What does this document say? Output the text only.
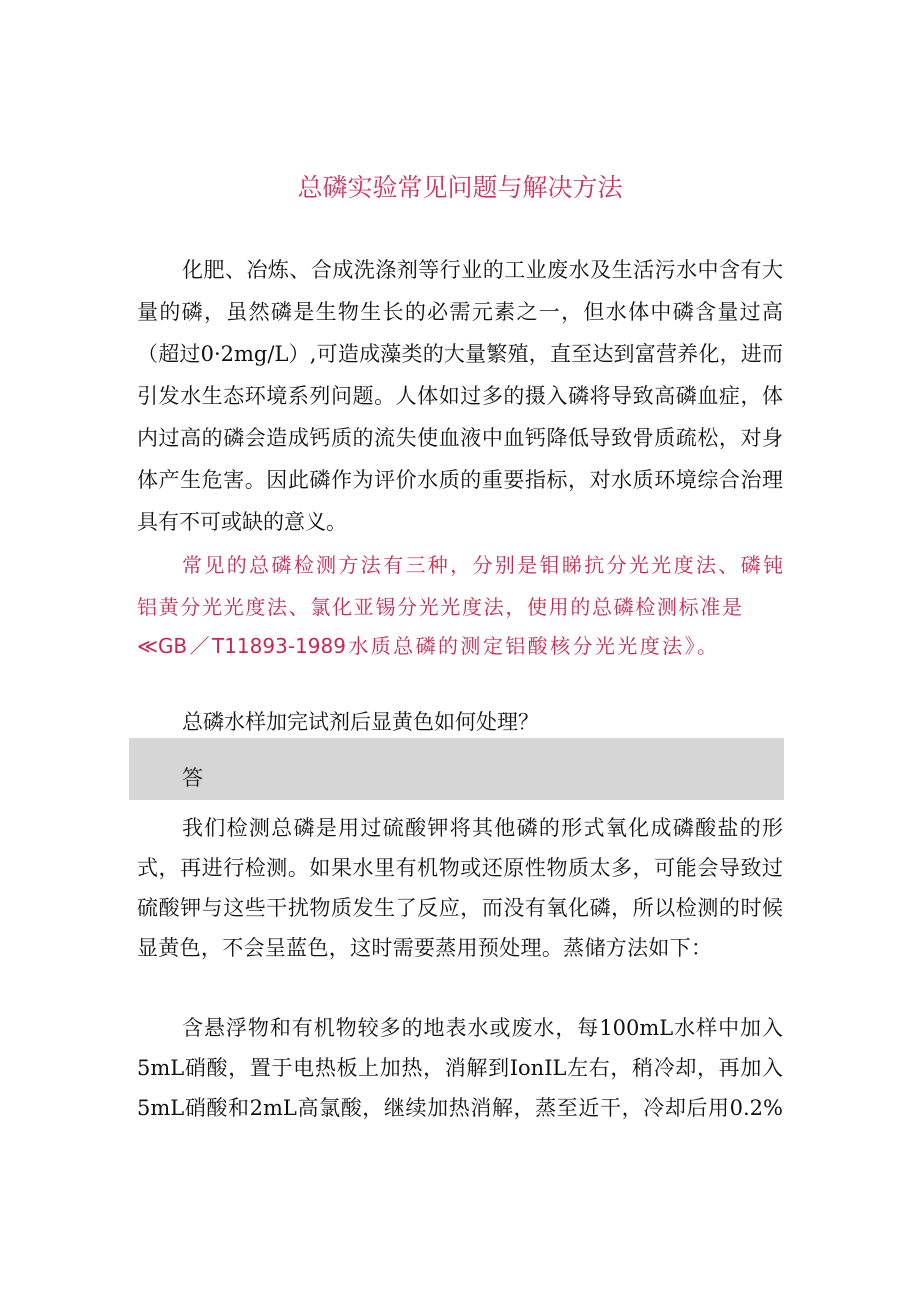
总磷实验常见问题与解决方法
化肥、冶炼、合成洗涤剂等行业的工业废水及生活污水中含有大
量的磷，虽然磷是生物生长的必需元素之一，但水体中磷含量过高
（超过0·2mg/L）,可造成藻类的大量繁殖，直至达到富营养化，进而
引发水生态环境系列问题。人体如过多的摄入磷将导致高磷血症，体
内过高的磷会造成钙质的流失使血液中血钙降低导致骨质疏松，对身
体产生危害。因此磷作为评价水质的重要指标，对水质环境综合治理
具有不可或缺的意义。
常见的总磷检测方法有三种，分别是钼睇抗分光光度法、磷钝
铝黄分光光度法、氯化亚锡分光光度法，使用的总磷检测标准是
≪GB／T11893-1989水质总磷的测定铝酸核分光光度法》。
总磷水样加完试剂后显黄色如何处理？
答
我们检测总磷是用过硫酸钾将其他磷的形式氧化成磷酸盐的形
式，再进行检测。如果水里有机物或还原性物质太多，可能会导致过
硫酸钾与这些干扰物质发生了反应，而没有氧化磷，所以检测的时候
显黄色，不会呈蓝色，这时需要蒸用预处理。蒸储方法如下：
含悬浮物和有机物较多的地表水或废水，每100mL水样中加入
5mL硝酸，置于电热板上加热，消解到IonIL左右，稍冷却，再加入
5mL硝酸和2mL高氯酸，继续加热消解，蒸至近干，冷却后用0.2%
